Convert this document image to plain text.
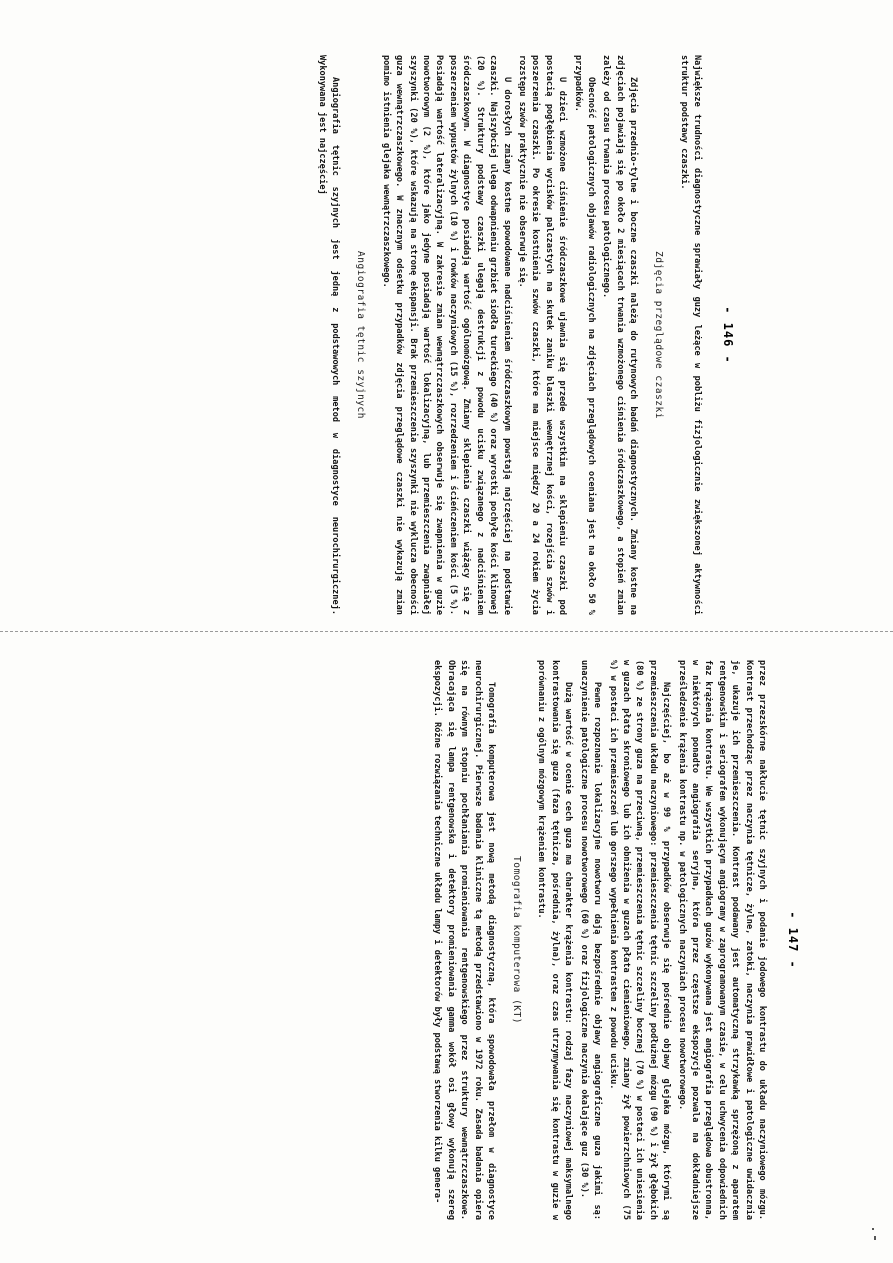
- 146 -

Największe trudności diagnostyczne sprawiały guzy leżące w pobliżu fizjologicznie zwiększonej aktywności struktur podstawy czaszki.

Zdjęcia przeglądowe czaszki

Zdjęcia przednio-tylne i boczne czaszki należą do rutynowych badań diagnostycznych. Zmiany kostne na zdjęciach pojawiają się po około 2 miesiącach trwania wzmożonego ciśnienia śródczaszkowego, a stopień zmian zależy od czasu trwania procesu patologicznego.

Obecność patologicznych objawów radiologicznych na zdjęciach przeglądowych oceniana jest na około 50 % przypadków.

U dzieci wzmożone ciśnienie śródczaszkowe ujawnia się przede wszystkim na sklepieniu czaszki pod postacią pogłębienia wycisków palczastych na skutek zaniku blaszki wewnętrznej kości, rozejścia szwów i poszerzenia czaszki. Po okresie kostnienia szwów czaszki, które ma miejsce między 20 a 24 rokiem życia rozstępu szwów praktycznie nie obserwuje się.

U dorosłych zmiany kostne spowodowane nadciśnieniem śródczaszkowym powstają najczęściej na podstawie czaszki. Najszybciej ulega odwapnieniu grzbiet siodła tureckiego (40 %) oraz wyrostki pochyłe kości klinowej (20 %). Struktury podstawy czaszki ulegają destrukcji z powodu ucisku związanego z nadciśnieniem śródczaszkowym. W diagnostyce posiadają wartość ogólnomózgową. Zmiany sklepienia czaszki wiążący się z poszerzeniem wypustów żylnych (10 %) i rowków naczyniowych (15 %), rozrzedzeniem i ścieńczeniem kości (5 %). Posiadają wartość lateralizacyjną. W zakresie zmian wewnątrzczaszkowych obserwuje się zwapnienia w guzie nowotworowym (2 %), które jako jedyne posiadają wartość lokalizacyjną, lub przemieszczenia zwapniałej szyszynki (20 %), które wskazują na stronę ekspansji. Brak przemieszczenia szyszynki nie wyklucza obecności guza wewnątrzczaszkowego. W znacznym odsetku przypadków zdjęcia przeglądowe czaszki nie wykazują zmian pomimo istnienia glejaka wewnątrzczaszkowego.

Angiografia tętnic szyjnych

Angiografia tętnic szyjnych jest jedną z podstawowych metod w diagnostyce neurochirurgicznej. Wykonywana jest najczęściej

- 147 -

przez przezskórne nakłucie tętnic szyjnych i podanie jodowego kontrastu do układu naczyniowego mózgu. Kontrast przechodząc przez naczynia tętnicze, żylne, zatoki, naczynia prawidłowe i patologiczne uwidacznia je, ukazuje ich przemieszczenia. Kontrast podawany jest automatyczną strzykawką sprzężoną z aparatem rentgenowskim i seriografem wykonującym angiogramy w zaprogramowanym czasie, w celu uchwycenia odpowiednich faz krążenia kontrastu. We wszystkich przypadkach guzów wykonywana jest angiografia przeglądowa obustronna, w niektórych ponadto angiografia seryjna, która przez częstsze ekspozycje pozwala na dokładniejsze prześledzenie krążenia kontrastu np. w patologicznych naczyniach procesu nowotworowego.

Najczęściej, bo aż w 99 % przypadków obserwuje się pośrednie objawy glejaka mózgu, którymi są przemieszczenia układu naczyniowego: przemieszczenia tętnic szczeliny podłużnej mózgu (90 %) i żył głębokich (80 %) ze strony guza na przeciwną, przemieszczenia tętnic szczeliny bocznej (70 %) w postaci ich uniesienia w guzach płata skroniowego lub ich obniżenia w guzach płata ciemieniowego, zmiany żył powierzchniowych (75 %) w postaci ich przemieszczeń lub gorszego wypełnienia kontrastem z powodu ucisku.

Pewne rozpoznanie lokalizacyjne nowotworu dają bezpośrednie objawy angiograficzne guza jakimi są: unaczynienie patologiczne procesu nowotworowego (60 %) oraz fizjologiczne naczynia okalające guz (30 %).

Dużą wartość w ocenie cech guza ma charakter krążenia kontrastu: rodzaj fazy naczyniowej maksymalnego kontrastowania się guza (faza tętnicza, pośrednia, żylna), oraz czas utrzymywania się kontrastu w guzie w porównaniu z ogólnym mózgowym krążeniem kontrastu.

Tomografia komputerowa (KT)

Tomografia komputerowa jest nową metodą diagnostyczną, która spowodowała przełom w diagnostyce neurochirurgicznej. Pierwsze badania kliniczne tą metodą przedstawiono w 1972 roku. Zasada badania opiera się na równym stopniu pochłaniania promieniowania rentgenowskiego przez struktury wewnątrzczaszkowe. Obracająca się lampa rentgenowska i detektory promieniowania gamma wokół osi głowy wykonują szereg ekspozycji. Różne rozwiązania techniczne układu lampy i detektorów były podstawą stworzenia kilku genera-
